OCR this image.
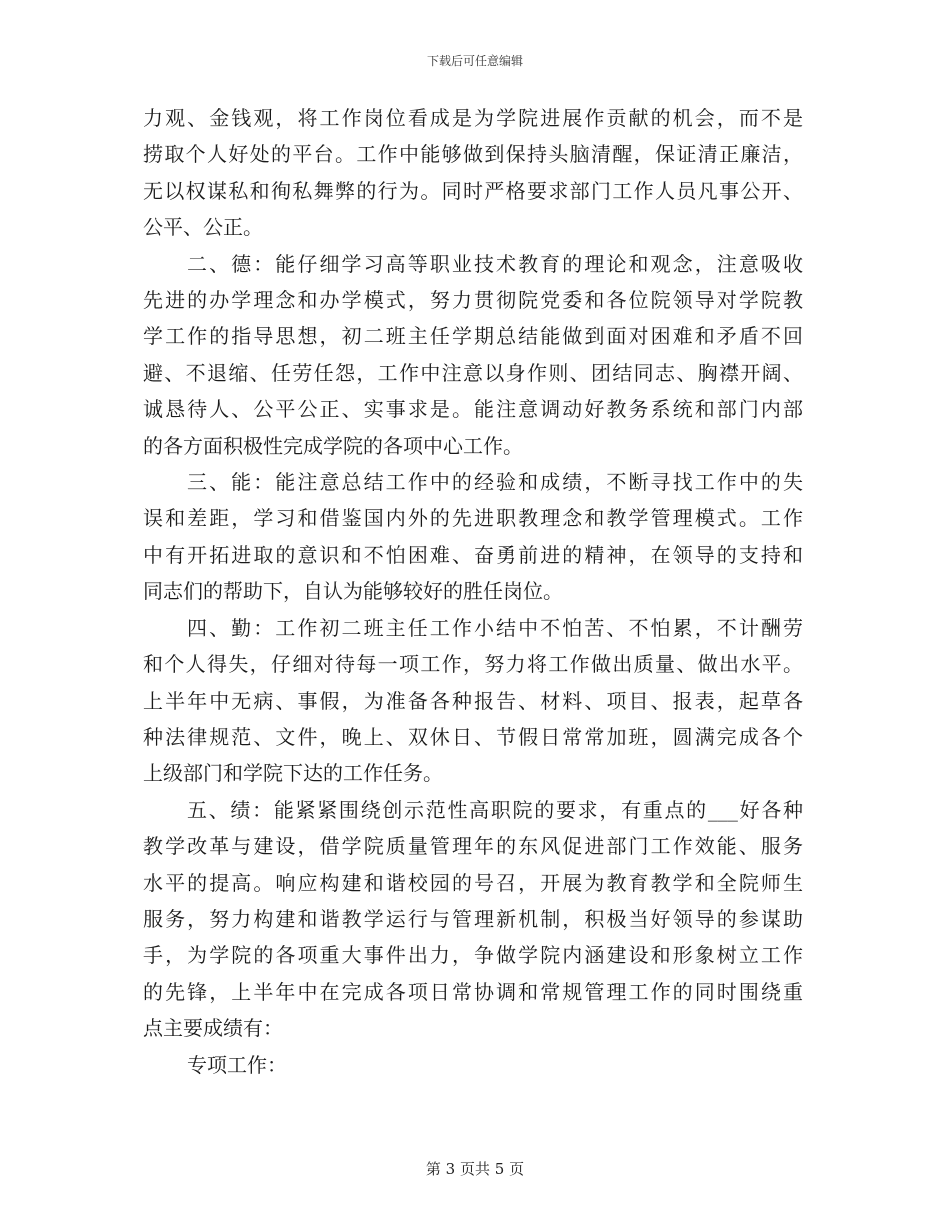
下载后可任意编辑
力观、金钱观，将工作岗位看成是为学院进展作贡献的机会，而不是
捞取个人好处的平台。工作中能够做到保持头脑清醒，保证清正廉洁，
无以权谋私和徇私舞弊的行为。同时严格要求部门工作人员凡事公开、
公平、公正。
二、德：能仔细学习高等职业技术教育的理论和观念，注意吸收
先进的办学理念和办学模式，努力贯彻院党委和各位院领导对学院教
学工作的指导思想，初二班主任学期总结能做到面对困难和矛盾不回
避、不退缩、任劳任怨，工作中注意以身作则、团结同志、胸襟开阔、
诚恳待人、公平公正、实事求是。能注意调动好教务系统和部门内部
的各方面积极性完成学院的各项中心工作。
三、能：能注意总结工作中的经验和成绩，不断寻找工作中的失
误和差距，学习和借鉴国内外的先进职教理念和教学管理模式。工作
中有开拓进取的意识和不怕困难、奋勇前进的精神，在领导的支持和
同志们的帮助下，自认为能够较好的胜任岗位。
四、勤：工作初二班主任工作小结中不怕苦、不怕累，不计酬劳
和个人得失，仔细对待每一项工作，努力将工作做出质量、做出水平。
上半年中无病、事假，为准备各种报告、材料、项目、报表，起草各
种法律规范、文件，晚上、双休日、节假日常常加班，圆满完成各个
上级部门和学院下达的工作任务。
五、绩：能紧紧围绕创示范性高职院的要求，有重点的___好各种
教学改革与建设，借学院质量管理年的东风促进部门工作效能、服务
水平的提高。响应构建和谐校园的号召，开展为教育教学和全院师生
服务，努力构建和谐教学运行与管理新机制，积极当好领导的参谋助
手，为学院的各项重大事件出力，争做学院内涵建设和形象树立工作
的先锋，上半年中在完成各项日常协调和常规管理工作的同时围绕重
点主要成绩有：
专项工作：
第 3 页共 5 页
